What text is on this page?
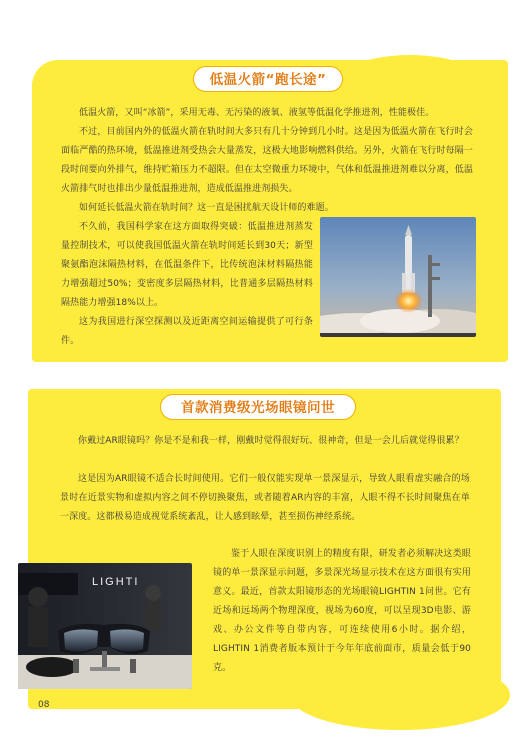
低温火箭“跑长途”

低温火箭，又叫“冰箭”，采用无毒、无污染的液氧、液氢等低温化学推进剂，性能极佳。

不过，目前国内外的低温火箭在轨时间大多只有几十分钟到几小时。这是因为低温火箭在飞行时会面临严酷的热环境，低温推进剂受热会大量蒸发，这极大地影响燃料供给。另外，火箭在飞行时每隔一段时间要向外排气，维持贮箱压力不超限。但在太空微重力环境中，气体和低温推进剂难以分离，低温火箭排气时也排出少量低温推进剂，造成低温推进剂损失。

如何延长低温火箭在轨时间？这一直是困扰航天设计师的难题。

不久前，我国科学家在这方面取得突破：低温推进剂蒸发量控制技术，可以使我国低温火箭在轨时间延长到30天；新型聚氨酯泡沫隔热材料，在低温条件下，比传统泡沫材料隔热能力增强超过50%；变密度多层隔热材料，比普通多层隔热材料隔热能力增强18%以上。

这为我国进行深空探测以及近距离空间运输提供了可行条件。

首款消费级光场眼镜问世

你戴过AR眼镜吗？你是不是和我一样，刚戴时觉得很好玩、很神奇，但是一会儿后就觉得很累？

这是因为AR眼镜不适合长时间使用。它们一般仅能实现单一景深显示，导致人眼看虚实融合的场景时在近景实物和虚拟内容之间不停切换聚焦，或者随着AR内容的丰富，人眼不得不长时间聚焦在单一深度。这都极易造成视觉系统紊乱，让人感到眩晕，甚至损伤神经系统。

鉴于人眼在深度识别上的精度有限，研发者必须解决这类眼镜的单一景深显示问题，多景深光场显示技术在这方面很有实用意义。最近，首款太阳镜形态的光场眼镜LIGHTIN 1问世。它有近场和远场两个物理深度，视场为60度，可以呈现3D电影、游戏、办公文件等自带内容，可连续使用6小时。据介绍，LIGHTIN 1消费者版本预计于今年年底前面市，质量会低于90克。

LIGHTI
08
